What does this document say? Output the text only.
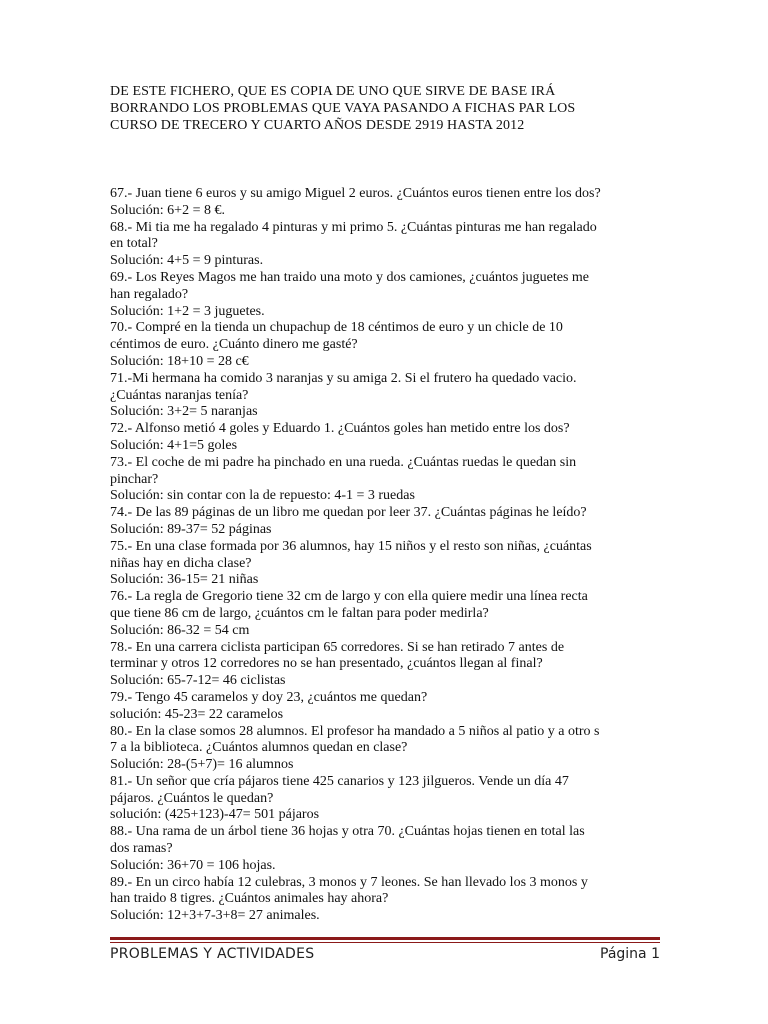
DE ESTE FICHERO, QUE ES COPIA DE UNO QUE SIRVE DE BASE IRÁ
BORRANDO LOS PROBLEMAS QUE VAYA PASANDO A FICHAS PAR LOS
CURSO DE TRECERO Y CUARTO AÑOS DESDE 2919 HASTA 2012
67.- Juan tiene 6 euros y su amigo Miguel 2 euros. ¿Cuántos euros tienen entre los dos?
Solución: 6+2 = 8 €.
68.- Mi tia me ha regalado 4 pinturas y mi primo 5. ¿Cuántas pinturas me han regalado
en total?
Solución: 4+5 = 9 pinturas.
69.- Los Reyes Magos me han traido una moto y dos camiones, ¿cuántos juguetes me
han regalado?
Solución: 1+2 = 3 juguetes.
70.- Compré en la tienda un chupachup de 18 céntimos de euro y un chicle de 10
céntimos de euro. ¿Cuánto dinero me gasté?
Solución: 18+10 = 28 c€
71.-Mi hermana ha comido 3 naranjas y su amiga 2. Si el frutero ha quedado vacio.
¿Cuántas naranjas tenía?
Solución: 3+2= 5 naranjas
72.- Alfonso metió 4 goles y Eduardo 1. ¿Cuántos goles han metido entre los dos?
Solución: 4+1=5 goles
73.- El coche de mi padre ha pinchado en una rueda. ¿Cuántas ruedas le quedan sin
pinchar?
Solución: sin contar con la de repuesto: 4-1 = 3 ruedas
74.- De las 89 páginas de un libro me quedan por leer 37. ¿Cuántas páginas he leído?
Solución: 89-37= 52 páginas
75.- En una clase formada por 36 alumnos, hay 15 niños y el resto son niñas, ¿cuántas
niñas hay en dicha clase?
Solución: 36-15= 21 niñas
76.- La regla de Gregorio tiene 32 cm de largo y con ella quiere medir una línea recta
que tiene 86 cm de largo, ¿cuántos cm le faltan para poder medirla?
Solución: 86-32 = 54 cm
78.- En una carrera ciclista participan 65 corredores. Si se han retirado 7 antes de
terminar y otros 12 corredores no se han presentado, ¿cuántos llegan al final?
Solución: 65-7-12= 46 ciclistas
79.- Tengo 45 caramelos y doy 23, ¿cuántos me quedan?
solución: 45-23= 22 caramelos
80.- En la clase somos 28 alumnos. El profesor ha mandado a 5 niños al patio y a otro s
7 a la biblioteca. ¿Cuántos alumnos quedan en clase?
Solución: 28-(5+7)= 16 alumnos
81.- Un señor que cría pájaros tiene 425 canarios y 123 jilgueros. Vende un día 47
pájaros. ¿Cuántos le quedan?
solución: (425+123)-47= 501 pájaros
88.- Una rama de un árbol tiene 36 hojas y otra 70. ¿Cuántas hojas tienen en total las
dos ramas?
Solución: 36+70 = 106 hojas.
89.- En un circo había 12 culebras, 3 monos y 7 leones. Se han llevado los 3 monos y
han traido 8 tigres. ¿Cuántos animales hay ahora?
Solución: 12+3+7-3+8= 27 animales.
PROBLEMAS Y ACTIVIDADES	Página 1
